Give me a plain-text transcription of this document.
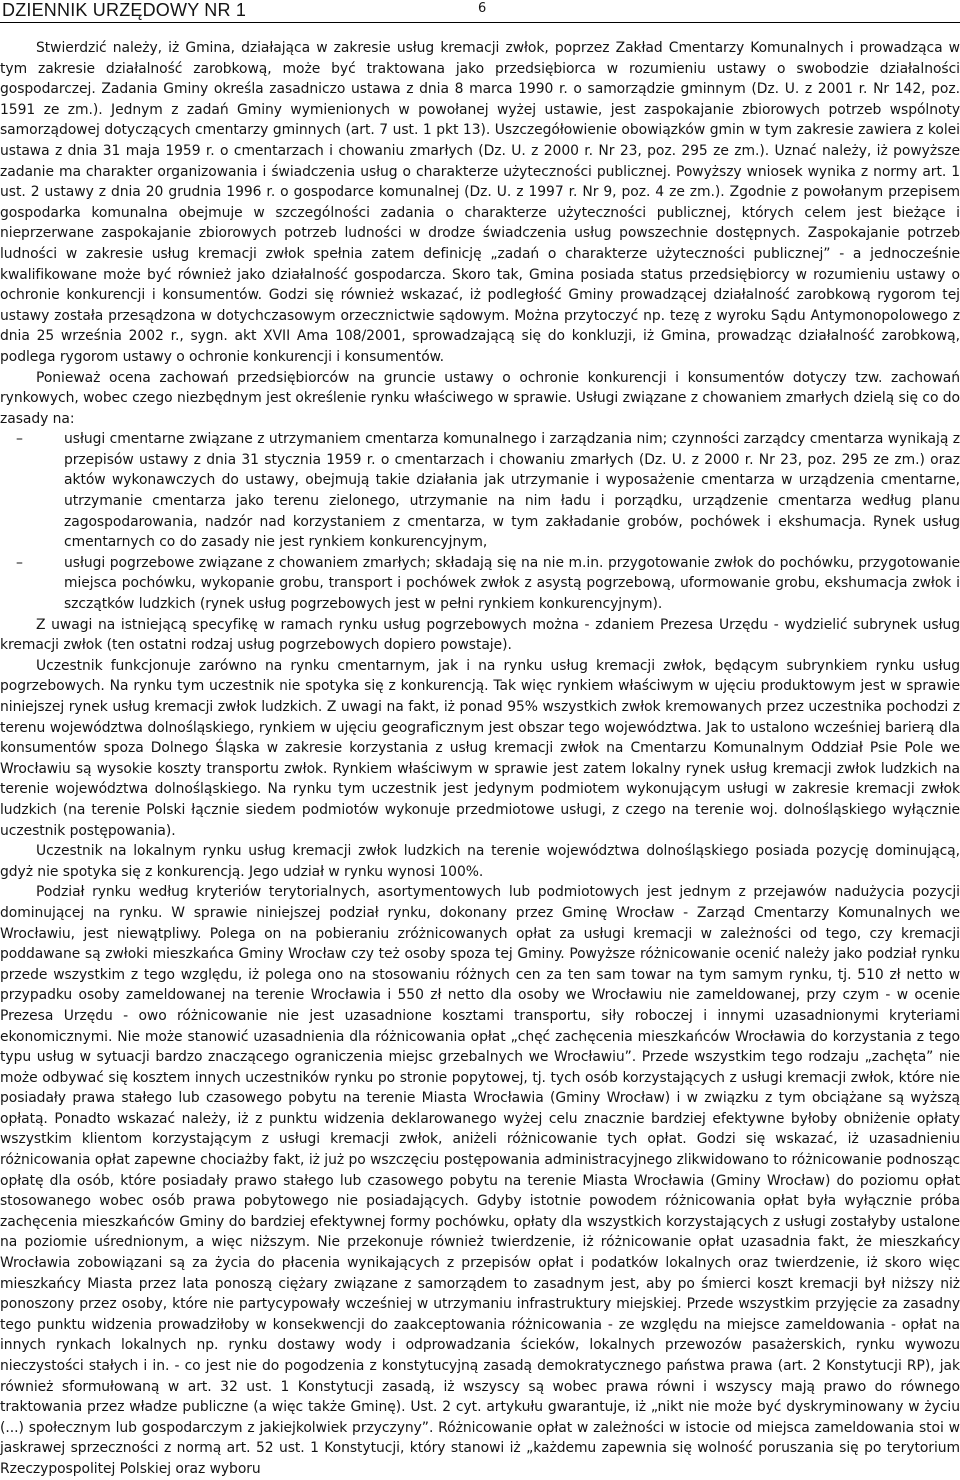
DZIENNIK URZĘDOWY NR 1	6

Stwierdzić należy, iż Gmina, działająca w zakresie usług kremacji zwłok, poprzez Zakład Cmentarzy Komunalnych i prowadząca w tym zakresie działalność zarobkową, może być traktowana jako przedsiębiorca w rozumieniu ustawy o swobodzie działalności gospodarczej. Zadania Gminy określa zasadniczo ustawa z dnia 8 marca 1990 r. o samorządzie gminnym (Dz. U. z 2001 r. Nr 142, poz. 1591 ze zm.). Jednym z zadań Gminy wymienionych w powołanej wyżej ustawie, jest zaspokajanie zbiorowych potrzeb wspólnoty samorządowej dotyczących cmentarzy gminnych (art. 7 ust. 1 pkt 13). Uszczegółowienie obowiązków gmin w tym zakresie zawiera z kolei ustawa z dnia 31 maja 1959 r. o cmentarzach i chowaniu zmarłych (Dz. U. z 2000 r. Nr 23, poz. 295 ze zm.). Uznać należy, iż powyższe zadanie ma charakter organizowania i świadczenia usług o charakterze użyteczności publicznej. Powyższy wniosek wynika z normy art. 1 ust. 2 ustawy z dnia 20 grudnia 1996 r. o gospodarce komunalnej (Dz. U. z 1997 r. Nr 9, poz. 4 ze zm.). Zgodnie z powołanym przepisem gospodarka komunalna obejmuje w szczególności zadania o charakterze użyteczności publicznej, których celem jest bieżące i nieprzerwane zaspokajanie zbiorowych potrzeb ludności w drodze świadczenia usług powszechnie dostępnych. Zaspokajanie potrzeb ludności w zakresie usług kremacji zwłok spełnia zatem definicję „zadań o charakterze użyteczności publicznej” - a jednocześnie kwalifikowane może być również jako działalność gospodarcza. Skoro tak, Gmina posiada status przedsiębiorcy w rozumieniu ustawy o ochronie konkurencji i konsumentów. Godzi się również wskazać, iż podległość Gminy prowadzącej działalność zarobkową rygorom tej ustawy została przesądzona w dotychczasowym orzecznictwie sądowym. Można przytoczyć np. tezę z wyroku Sądu Antymonopolowego z dnia 25 września 2002 r., sygn. akt XVII Ama 108/2001, sprowadzającą się do konkluzji, iż Gmina, prowadząc działalność zarobkową, podlega rygorom ustawy o ochronie konkurencji i konsumentów.

Ponieważ ocena zachowań przedsiębiorców na gruncie ustawy o ochronie konkurencji i konsumentów dotyczy tzw. zachowań rynkowych, wobec czego niezbędnym jest określenie rynku właściwego w sprawie. Usługi związane z chowaniem zmarłych dzielą się co do zasady na:

–	usługi cmentarne związane z utrzymaniem cmentarza komunalnego i zarządzania nim; czynności zarządcy cmentarza wynikają z przepisów ustawy z dnia 31 stycznia 1959 r. o cmentarzach i chowaniu zmarłych (Dz. U. z 2000 r. Nr 23, poz. 295 ze zm.) oraz aktów wykonawczych do ustawy, obejmują takie działania jak utrzymanie i wyposażenie cmentarza w urządzenia cmentarne, utrzymanie cmentarza jako terenu zielonego, utrzymanie na nim ładu i porządku, urządzenie cmentarza według planu zagospodarowania, nadzór nad korzystaniem z cmentarza, w tym zakładanie grobów, pochówek i ekshumacja. Rynek usług cmentarnych co do zasady nie jest rynkiem konkurencyjnym,
–	usługi pogrzebowe związane z chowaniem zmarłych; składają się na nie m.in. przygotowanie zwłok do pochówku, przygotowanie miejsca pochówku, wykopanie grobu, transport i pochówek zwłok z asystą pogrzebową, uformowanie grobu, ekshumacja zwłok i szczątków ludzkich (rynek usług pogrzebowych jest w pełni rynkiem konkurencyjnym).

Z uwagi na istniejącą specyfikę w ramach rynku usług pogrzebowych można - zdaniem Prezesa Urzędu - wydzielić subrynek usług kremacji zwłok (ten ostatni rodzaj usług pogrzebowych dopiero powstaje).

Uczestnik funkcjonuje zarówno na rynku cmentarnym, jak i na rynku usług kremacji zwłok, będącym subrynkiem rynku usług pogrzebowych. Na rynku tym uczestnik nie spotyka się z konkurencją. Tak więc rynkiem właściwym w ujęciu produktowym jest w sprawie niniejszej rynek usług kremacji zwłok ludzkich. Z uwagi na fakt, iż ponad 95% wszystkich zwłok kremowanych przez uczestnika pochodzi z terenu województwa dolnośląskiego, rynkiem w ujęciu geograficznym jest obszar tego województwa. Jak to ustalono wcześniej barierą dla konsumentów spoza Dolnego Śląska w zakresie korzystania z usług kremacji zwłok na Cmentarzu Komunalnym Oddział Psie Pole we Wrocławiu są wysokie koszty transportu zwłok. Rynkiem właściwym w sprawie jest zatem lokalny rynek usług kremacji zwłok ludzkich na terenie województwa dolnośląskiego. Na rynku tym uczestnik jest jedynym podmiotem wykonującym usługi w zakresie kremacji zwłok ludzkich (na terenie Polski łącznie siedem podmiotów wykonuje przedmiotowe usługi, z czego na terenie woj. dolnośląskiego wyłącznie uczestnik postępowania).

Uczestnik na lokalnym rynku usług kremacji zwłok ludzkich na terenie województwa dolnośląskiego posiada pozycję dominującą, gdyż nie spotyka się z konkurencją. Jego udział w rynku wynosi 100%.

Podział rynku według kryteriów terytorialnych, asortymentowych lub podmiotowych jest jednym z przejawów nadużycia pozycji dominującej na rynku. W sprawie niniejszej podział rynku, dokonany przez Gminę Wrocław - Zarząd Cmentarzy Komunalnych we Wrocławiu, jest niewątpliwy. Polega on na pobieraniu zróżnicowanych opłat za usługi kremacji w zależności od tego, czy kremacji poddawane są zwłoki mieszkańca Gminy Wrocław czy też osoby spoza tej Gminy. Powyższe różnicowanie ocenić należy jako podział rynku przede wszystkim z tego względu, iż polega ono na stosowaniu różnych cen za ten sam towar na tym samym rynku, tj. 510 zł netto w przypadku osoby zameldowanej na terenie Wrocławia i 550 zł netto dla osoby we Wrocławiu nie zameldowanej, przy czym - w ocenie Prezesa Urzędu - owo różnicowanie nie jest uzasadnione kosztami transportu, siły roboczej i innymi uzasadnionymi kryteriami ekonomicznymi. Nie może stanowić uzasadnienia dla różnicowania opłat „chęć zachęcenia mieszkańców Wrocławia do korzystania z tego typu usług w sytuacji bardzo znaczącego ograniczenia miejsc grzebalnych we Wrocławiu”. Przede wszystkim tego rodzaju „zachęta” nie może odbywać się kosztem innych uczestników rynku po stronie popytowej, tj. tych osób korzystających z usługi kremacji zwłok, które nie posiadały prawa stałego lub czasowego pobytu na terenie Miasta Wrocławia (Gminy Wrocław) i w związku z tym obciążane są wyższą opłatą. Ponadto wskazać należy, iż z punktu widzenia deklarowanego wyżej celu znacznie bardziej efektywne byłoby obniżenie opłaty wszystkim klientom korzystającym z usługi kremacji zwłok, aniżeli różnicowanie tych opłat. Godzi się wskazać, iż uzasadnieniu różnicowania opłat zapewne chociażby fakt, iż już po wszczęciu postępowania administracyjnego zlikwidowano to różnicowanie podnosząc opłatę dla osób, które posiadały prawo stałego lub czasowego pobytu na terenie Miasta Wrocławia (Gminy Wrocław) do poziomu opłat stosowanego wobec osób prawa pobytowego nie posiadających. Gdyby istotnie powodem różnicowania opłat była wyłącznie próba zachęcenia mieszkańców Gminy do bardziej efektywnej formy pochówku, opłaty dla wszystkich korzystających z usługi zostałyby ustalone na poziomie uśrednionym, a więc niższym. Nie przekonuje również twierdzenie, iż różnicowanie opłat uzasadnia fakt, że mieszkańcy Wrocławia zobowiązani są za życia do płacenia wynikających z przepisów opłat i podatków lokalnych oraz twierdzenie, iż skoro więc mieszkańcy Miasta przez lata ponoszą ciężary związane z samorządem to zasadnym jest, aby po śmierci koszt kremacji był niższy niż ponoszony przez osoby, które nie partycypowały wcześniej w utrzymaniu infrastruktury miejskiej. Przede wszystkim przyjęcie za zasadny tego punktu widzenia prowadziłoby w konsekwencji do zaakceptowania różnicowania - ze względu na miejsce zameldowania - opłat na innych rynkach lokalnych np. rynku dostawy wody i odprowadzania ścieków, lokalnych przewozów pasażerskich, rynku wywozu nieczystości stałych i in. - co jest nie do pogodzenia z konstytucyjną zasadą demokratycznego państwa prawa (art. 2 Konstytucji RP), jak również sformułowaną w art. 32 ust. 1 Konstytucji zasadą, iż wszyscy są wobec prawa równi i wszyscy mają prawo do równego traktowania przez władze publiczne (a więc także Gminę). Ust. 2 cyt. artykułu gwarantuje, iż „nikt nie może być dyskryminowany w życiu (...) społecznym lub gospodarczym z jakiejkolwiek przyczyny”. Różnicowanie opłat w zależności w istocie od miejsca zameldowania stoi w jaskrawej sprzeczności z normą art. 52 ust. 1 Konstytucji, który stanowi iż „każdemu zapewnia się wolność poruszania się po terytorium Rzeczypospolitej Polskiej oraz wyboru
